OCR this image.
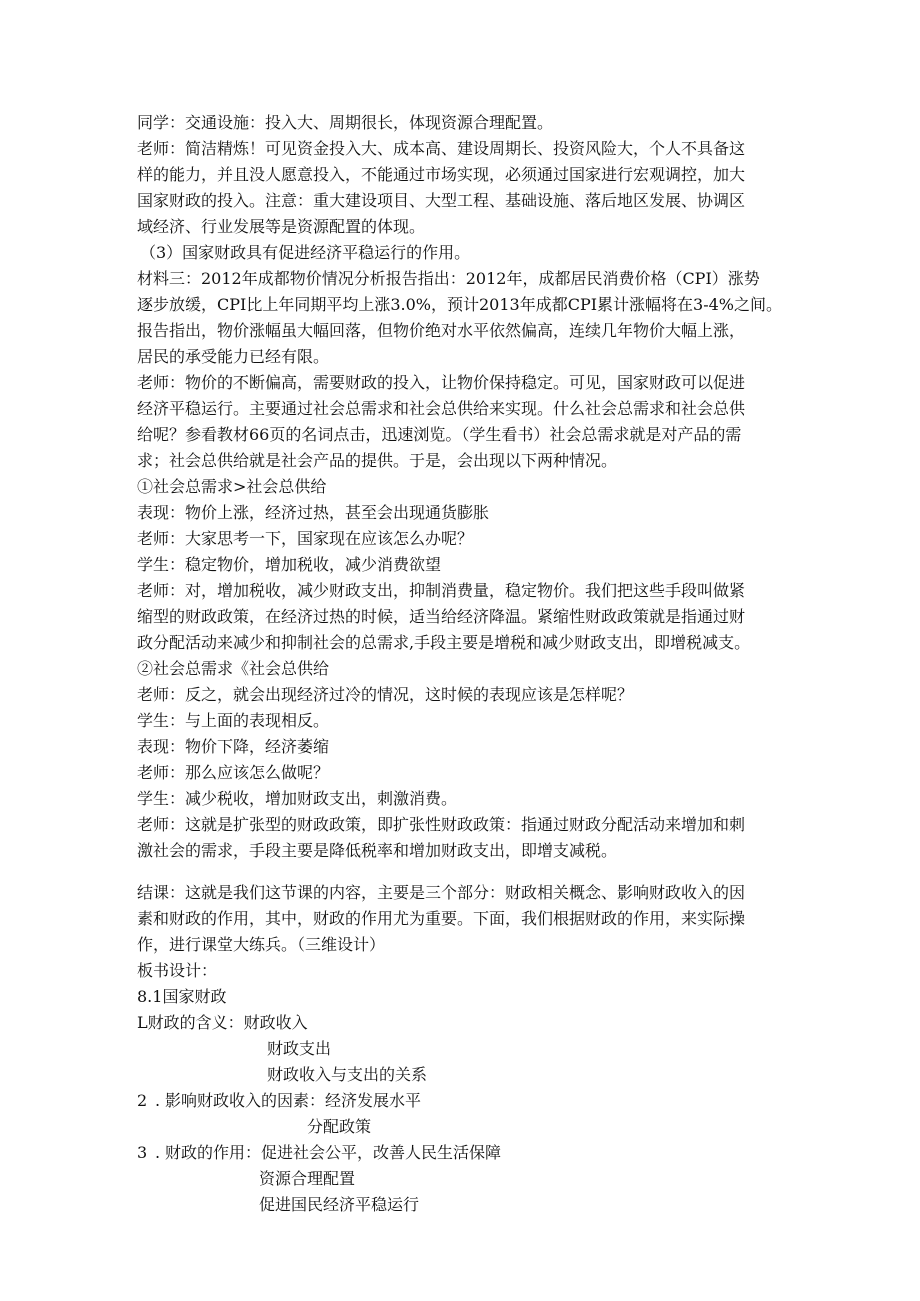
同学：交通设施：投入大、周期很长，体现资源合理配置。
老师：简洁精炼！可见资金投入大、成本高、建设周期长、投资风险大，个人不具备这
样的能力，并且没人愿意投入，不能通过市场实现，必须通过国家进行宏观调控，加大
国家财政的投入。注意：重大建设项目、大型工程、基础设施、落后地区发展、协调区
域经济、行业发展等是资源配置的体现。
（3）国家财政具有促进经济平稳运行的作用。
材料三：2012年成都物价情况分析报告指出：2012年，成都居民消费价格（CPI）涨势
逐步放缓，CPI比上年同期平均上涨3.0%，预计2013年成都CPI累计涨幅将在3-4%之间。
报告指出，物价涨幅虽大幅回落，但物价绝对水平依然偏高，连续几年物价大幅上涨，
居民的承受能力已经有限。
老师：物价的不断偏高，需要财政的投入，让物价保持稳定。可见，国家财政可以促进
经济平稳运行。主要通过社会总需求和社会总供给来实现。什么社会总需求和社会总供
给呢？参看教材66页的名词点击，迅速浏览。（学生看书）社会总需求就是对产品的需
求；社会总供给就是社会产品的提供。于是，会出现以下两种情况。
①社会总需求>社会总供给
表现：物价上涨，经济过热，甚至会出现通货膨胀
老师：大家思考一下，国家现在应该怎么办呢？
学生：稳定物价，增加税收，减少消费欲望
老师：对，增加税收，减少财政支出，抑制消费量，稳定物价。我们把这些手段叫做紧
缩型的财政政策，在经济过热的时候，适当给经济降温。紧缩性财政政策就是指通过财
政分配活动来减少和抑制社会的总需求,手段主要是增税和减少财政支出，即增税减支。
②社会总需求《社会总供给
老师：反之，就会出现经济过冷的情况，这时候的表现应该是怎样呢？
学生：与上面的表现相反。
表现：物价下降，经济萎缩
老师：那么应该怎么做呢？
学生：减少税收，增加财政支出，刺激消费。
老师：这就是扩张型的财政政策，即扩张性财政政策：指通过财政分配活动来增加和刺
激社会的需求，手段主要是降低税率和增加财政支出，即增支减税。
结课：这就是我们这节课的内容，主要是三个部分：财政相关概念、影响财政收入的因
素和财政的作用，其中，财政的作用尤为重要。下面，我们根据财政的作用，来实际操
作，进行课堂大练兵。（三维设计）
板书设计：
8.1国家财政
L财政的含义：财政收入
财政支出
财政收入与支出的关系
2 . 影响财政收入的因素：经济发展水平
分配政策
3 . 财政的作用：促进社会公平，改善人民生活保障
资源合理配置
促进国民经济平稳运行
